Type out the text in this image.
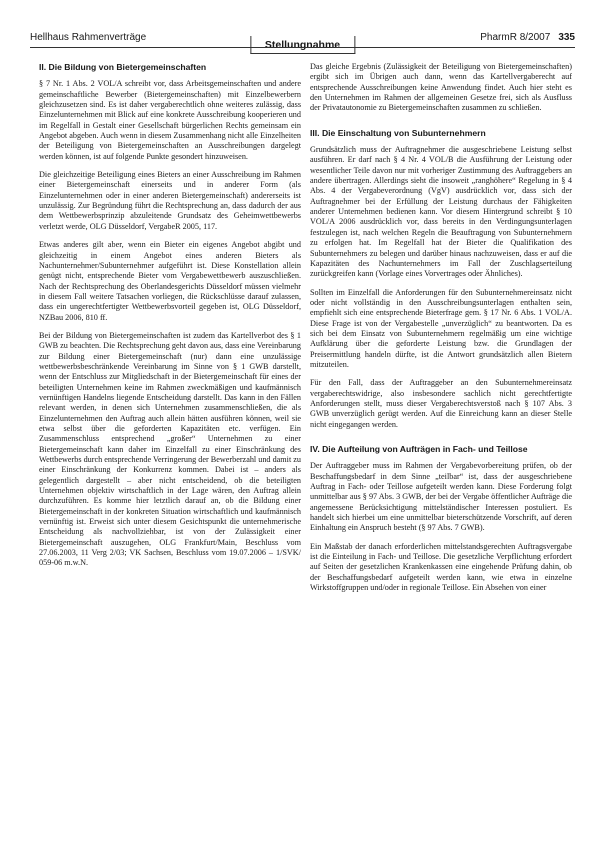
Hellhaus Rahmenverträge
Stellungnahme
PharmR 8/2007 335
II. Die Bildung von Bietergemeinschaften

§ 7 Nr. 1 Abs. 2 VOL/A schreibt vor, dass Arbeitsgemeinschaften und andere gemeinschaftliche Bewerber (Bietergemeinschaften) mit Einzelbewerbern gleichzusetzen sind. Es ist daher vergaberechtlich ohne weiteres zulässig, dass Einzelunternehmen mit Blick auf eine konkrete Ausschreibung kooperieren und im Regelfall in Gestalt einer Gesellschaft bürgerlichen Rechts gemeinsam ein Angebot abgeben. Auch wenn in diesem Zusammenhang nicht alle Einzelheiten der Beteiligung von Bietergemeinschaften an Ausschreibungen dargelegt werden können, ist auf folgende Punkte gesondert hinzuweisen.

Die gleichzeitige Beteiligung eines Bieters an einer Ausschreibung im Rahmen einer Bietergemeinschaft einerseits und in anderer Form (als Einzelunternehmen oder in einer anderen Bietergemeinschaft) andererseits ist unzulässig. Zur Begründung führt die Rechtsprechung an, dass dadurch der aus dem Wettbewerbsprinzip abzuleitende Grundsatz des Geheimwettbewerbs verletzt werde, OLG Düsseldorf, VergabeR 2005, 117.

Etwas anderes gilt aber, wenn ein Bieter ein eigenes Angebot abgibt und gleichzeitig in einem Angebot eines anderen Bieters als Nachunternehmer/Subunternehmer aufgeführt ist. Diese Konstellation allein genügt nicht, entsprechende Bieter vom Vergabewettbewerb auszuschließen. Nach der Rechtsprechung des Oberlandesgerichts Düsseldorf müssen vielmehr in diesem Fall weitere Tatsachen vorliegen, die Rückschlüsse darauf zulassen, dass ein ungerechtfertigter Wettbewerbsvorteil gegeben ist, OLG Düsseldorf, NZBau 2006, 810 ff.

Bei der Bildung von Bietergemeinschaften ist zudem das Kartellverbot des § 1 GWB zu beachten. Die Rechtsprechung geht davon aus, dass eine Vereinbarung zur Bildung einer Bietergemeinschaft (nur) dann eine unzulässige wettbewerbsbeschränkende Vereinbarung im Sinne von § 1 GWB darstellt, wenn der Entschluss zur Mitgliedschaft in der Bietergemeinschaft für eines der beteiligten Unternehmen keine im Rahmen zweckmäßigen und kaufmännisch vernünftigen Handelns liegende Entscheidung darstellt. Das kann in den Fällen relevant werden, in denen sich Unternehmen zusammenschließen, die als Einzelunternehmen den Auftrag auch allein hätten ausführen können, weil sie etwa selbst über die geforderten Kapazitäten etc. verfügen. Ein Zusammenschluss entsprechend „großer“ Unternehmen zu einer Bietergemeinschaft kann daher im Einzelfall zu einer Einschränkung des Wettbewerbs durch entsprechende Verringerung der Bewerberzahl und damit zu einer Einschränkung der Konkurrenz kommen. Dabei ist – anders als gelegentlich dargestellt – aber nicht entscheidend, ob die beteiligten Unternehmen objektiv wirtschaftlich in der Lage wären, den Auftrag allein durchzuführen. Es komme hier letztlich darauf an, ob die Bildung einer Bietergemeinschaft in der konkreten Situation wirtschaftlich und kaufmännisch vernünftig ist. Erweist sich unter diesem Gesichtspunkt die unternehmerische Entscheidung als nachvollziehbar, ist von der Zulässigkeit einer Bietergemeinschaft auszugehen, OLG Frankfurt/Main, Beschluss vom 27.06.2003, 11 Verg 2/03; VK Sachsen, Beschluss vom 19.07.2006 – 1/SVK/ 059-06 m.w.N.

Das gleiche Ergebnis (Zulässigkeit der Beteiligung von Bietergemeinschaften) ergibt sich im Übrigen auch dann, wenn das Kartellvergaberecht auf entsprechende Ausschreibungen keine Anwendung findet. Auch hier steht es den Unternehmen im Rahmen der allgemeinen Gesetze frei, sich als Ausfluss der Privatautonomie zu Bietergemeinschaften zusammen zu schließen.

III. Die Einschaltung von Subunternehmern

Grundsätzlich muss der Auftragnehmer die ausgeschriebene Leistung selbst ausführen. Er darf nach § 4 Nr. 4 VOL/B die Ausführung der Leistung oder wesentlicher Teile davon nur mit vorheriger Zustimmung des Auftraggebers an andere übertragen. Allerdings sieht die insoweit „ranghöhere“ Regelung in § 4 Abs. 4 der Vergabeverordnung (VgV) ausdrücklich vor, dass sich der Auftragnehmer bei der Erfüllung der Leistung durchaus der Fähigkeiten anderer Unternehmen bedienen kann. Vor diesem Hintergrund schreibt § 10 VOL/A 2006 ausdrücklich vor, dass bereits in den Verdingungsunterlagen festzulegen ist, nach welchen Regeln die Beauftragung von Subunternehmern zu erfolgen hat. Im Regelfall hat der Bieter die Qualifikation des Subunternehmers zu belegen und darüber hinaus nachzuweisen, dass er auf die Kapazitäten des Nachunternehmers im Fall der Zuschlagserteilung zurückgreifen kann (Vorlage eines Vorvertrages oder Ähnliches).

Sollten im Einzelfall die Anforderungen für den Subunternehmereinsatz nicht oder nicht vollständig in den Ausschreibungsunterlagen enthalten sein, empfiehlt sich eine entsprechende Bieterfrage gem. § 17 Nr. 6 Abs. 1 VOL/A. Diese Frage ist von der Vergabestelle „unverzüglich“ zu beantworten. Da es sich bei dem Einsatz von Subunternehmern regelmäßig um eine wichtige Aufklärung über die geforderte Leistung bzw. die Grundlagen der Preisermittlung handeln dürfte, ist die Antwort grundsätzlich allen Bietern mitzuteilen.

Für den Fall, dass der Auftraggeber an den Subunternehmereinsatz vergaberechtswidrige, also insbesondere sachlich nicht gerechtfertigte Anforderungen stellt, muss dieser Vergaberechtsverstoß nach § 107 Abs. 3 GWB unverzüglich gerügt werden. Auf die Einreichung kann an dieser Stelle nicht eingegangen werden.

IV. Die Aufteilung von Aufträgen in Fach- und Teillose

Der Auftraggeber muss im Rahmen der Vergabevorbereitung prüfen, ob der Beschaffungsbedarf in dem Sinne „teilbar“ ist, dass der ausgeschriebene Auftrag in Fach- oder Teillose aufgeteilt werden kann. Diese Forderung folgt unmittelbar aus § 97 Abs. 3 GWB, der bei der Vergabe öffentlicher Aufträge die angemessene Berücksichtigung mittelständischer Interessen postuliert. Es handelt sich hierbei um eine unmittelbar bieterschützende Vorschrift, auf deren Einhaltung ein Anspruch besteht (§ 97 Abs. 7 GWB).

Ein Maßstab der danach erforderlichen mittelstandsgerechten Auftragsvergabe ist die Einteilung in Fach- und Teillose. Die gesetzliche Verpflichtung erfordert auf Seiten der gesetzlichen Krankenkassen eine eingehende Prüfung dahin, ob der Beschaffungsbedarf aufgeteilt werden kann, wie etwa in einzelne Wirkstoffgruppen und/oder in regionale Teillose. Ein Absehen von einer
